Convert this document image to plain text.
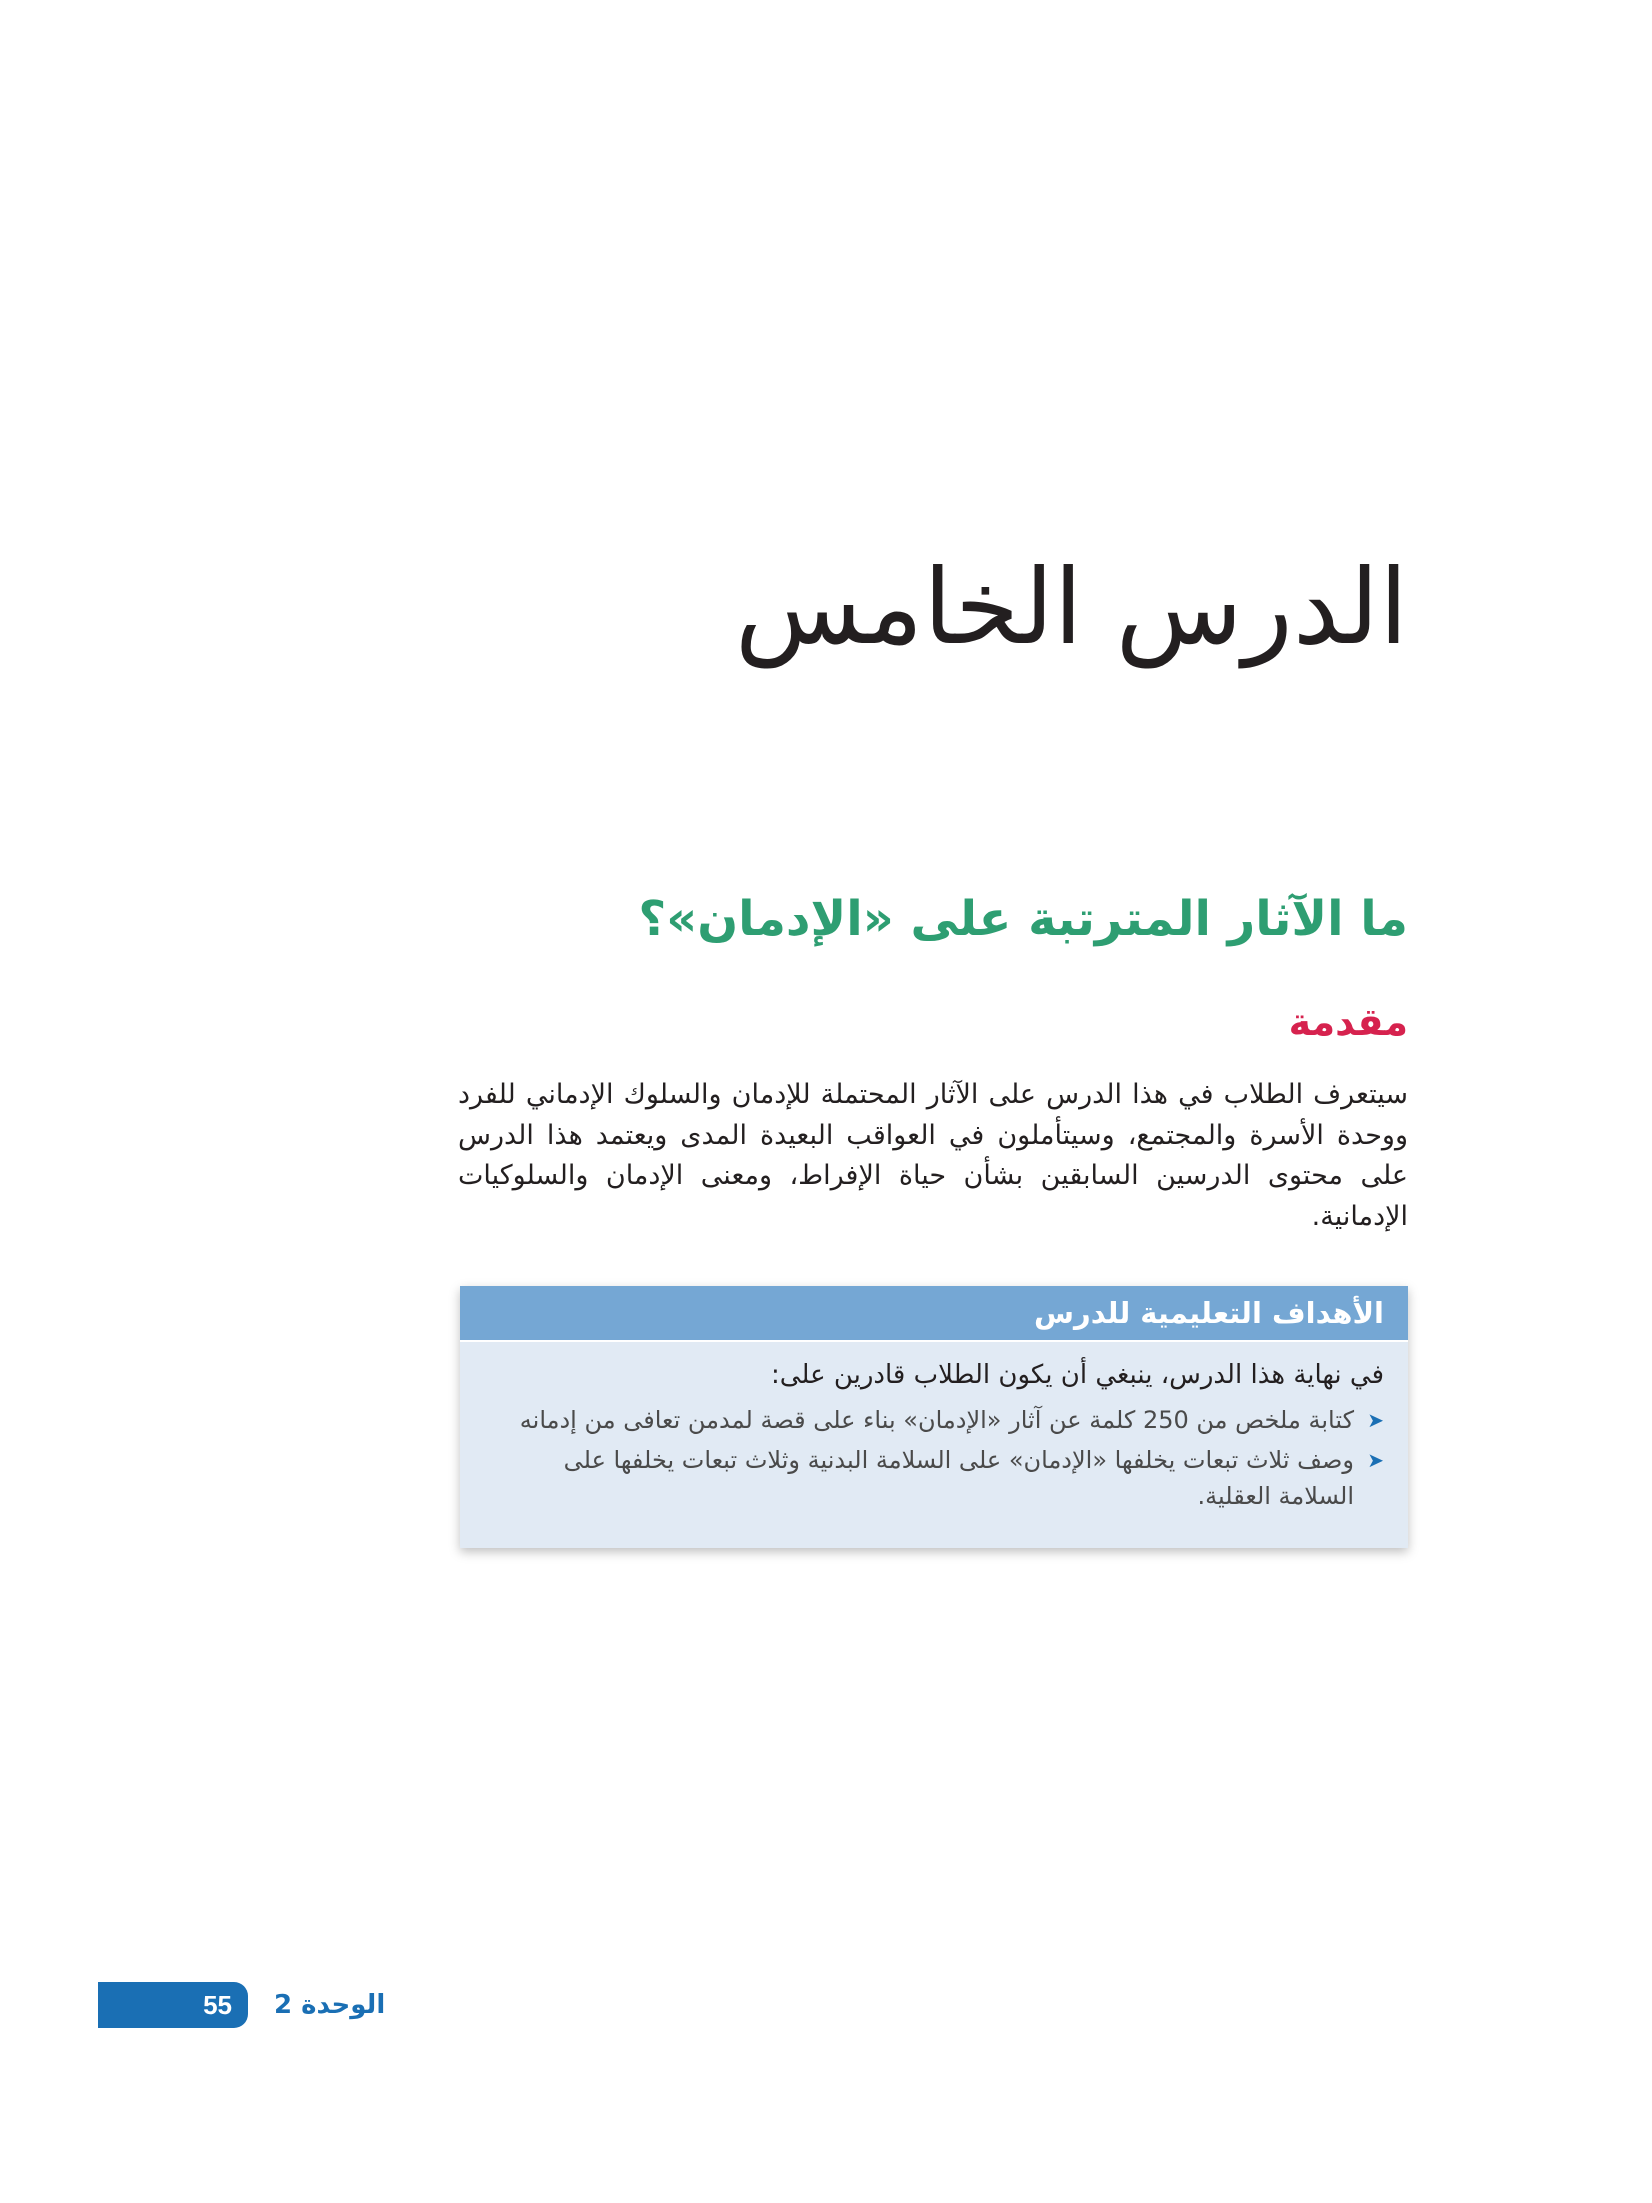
الدرس الخامس
ما الآثار المترتبة على «الإدمان»؟
مقدمة

سيتعرف الطلاب في هذا الدرس على الآثار المحتملة للإدمان والسلوك الإدماني للفرد ووحدة الأسرة والمجتمع، وسيتأملون في العواقب البعيدة المدى ويعتمد هذا الدرس على محتوى الدرسين السابقين بشأن حياة الإفراط، ومعنى الإدمان والسلوكيات الإدمانية.

الأهداف التعليمية للدرس
في نهاية هذا الدرس، ينبغي أن يكون الطلاب قادرين على:
➤
كتابة ملخص من 250 كلمة عن آثار «الإدمان» بناء على قصة لمدمن تعافى من إدمانه
➤
وصف ثلاث تبعات يخلفها «الإدمان» على السلامة البدنية وثلاث تبعات يخلفها على السلامة العقلية.
55 الوحدة 2
